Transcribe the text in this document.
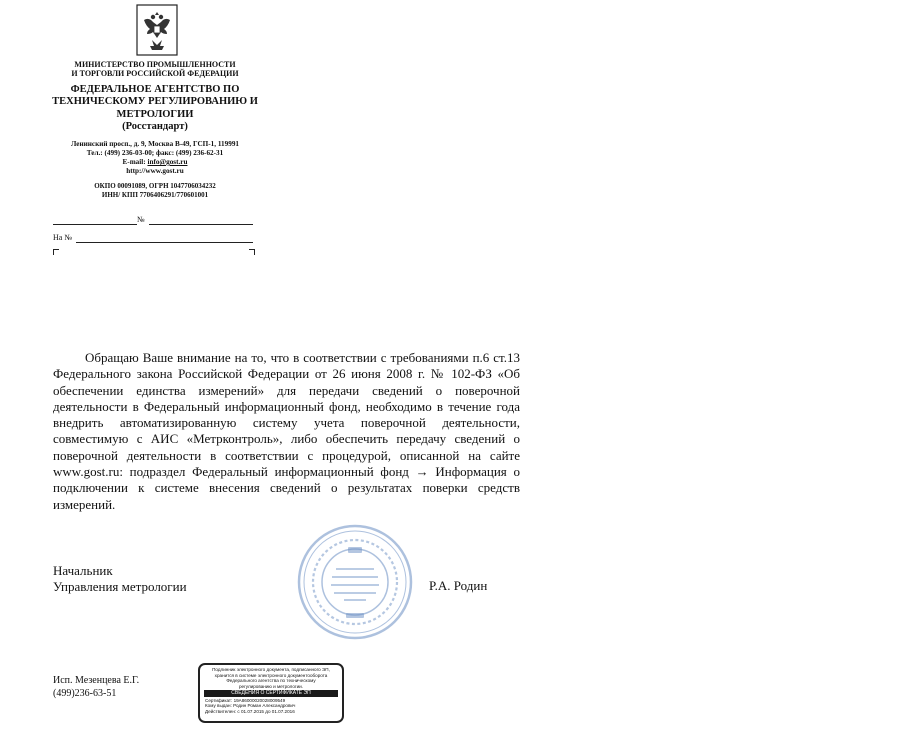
МИНИСТЕРСТВО ПРОМЫШЛЕННОСТИ
И ТОРГОВЛИ РОССИЙСКОЙ ФЕДЕРАЦИИ
ФЕДЕРАЛЬНОЕ АГЕНТСТВО ПО
ТЕХНИЧЕСКОМУ РЕГУЛИРОВАНИЮ И
МЕТРОЛОГИИ
(Росстандарт)
Ленинский просп., д. 9, Москва В-49, ГСП-1, 119991
Тел.: (499) 236-03-00; факс: (499) 236-62-31
E-mail: info@gost.ru
http://www.gost.ru
ОКПО 00091089, ОГРН 1047706034232
ИНН/ КПП 7706406291/770601001
№
На №

Обращаю Ваше внимание на то, что в соответствии с требованиями п.6 ст.13 Федерального закона Российской Федерации от 26 июня 2008 г. № 102-ФЗ «Об обеспечении единства измерений» для передачи сведений о поверочной деятельности в Федеральный информационный фонд, необходимо в течение года внедрить автоматизированную систему учета поверочной деятельности, совместимую с АИС «Метрконтроль», либо обеспечить передачу сведений о поверочной деятельности в соответствии с процедурой, описанной на сайте www.gost.ru: подраздел Федеральный информационный фонд → Информация о подключении к системе внесения сведений о результатах поверки средств измерений.

Начальник
Управления метрологии	Р.А. Родин
Исп. Мезенцева Е.Г.
(499)236-63-51
Подлинник электронного документа, подписанного ЭП,
хранится в системе электронного документооборота
Федерального агентства по техническому
регулированию и метрологии.
СВЕДЕНИЯ О СЕРТИФИКАТЕ ЭП
Сертификат: 19A86000020028009549
Кому выдан: Родин Роман Александрович
Действителен: с 01.07.2015 до 01.07.2016
